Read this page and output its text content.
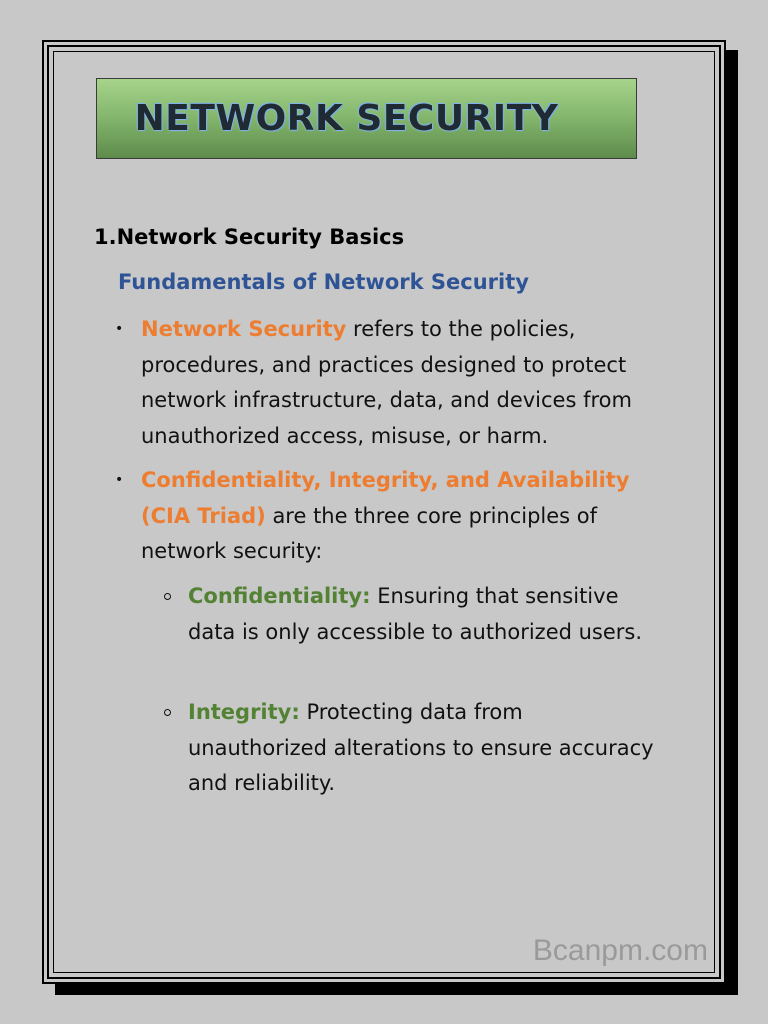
NETWORK SECURITY
1.Network Security Basics
Fundamentals of Network Security
• Network Security refers to the policies, procedures, and practices designed to protect network infrastructure, data, and devices from unauthorized access, misuse, or harm.
• Confidentiality, Integrity, and Availability (CIA Triad) are the three core principles of network security:
Confidentiality: Ensuring that sensitive data is only accessible to authorized users.
Integrity: Protecting data from unauthorized alterations to ensure accuracy and reliability.
Bcanpm.com
